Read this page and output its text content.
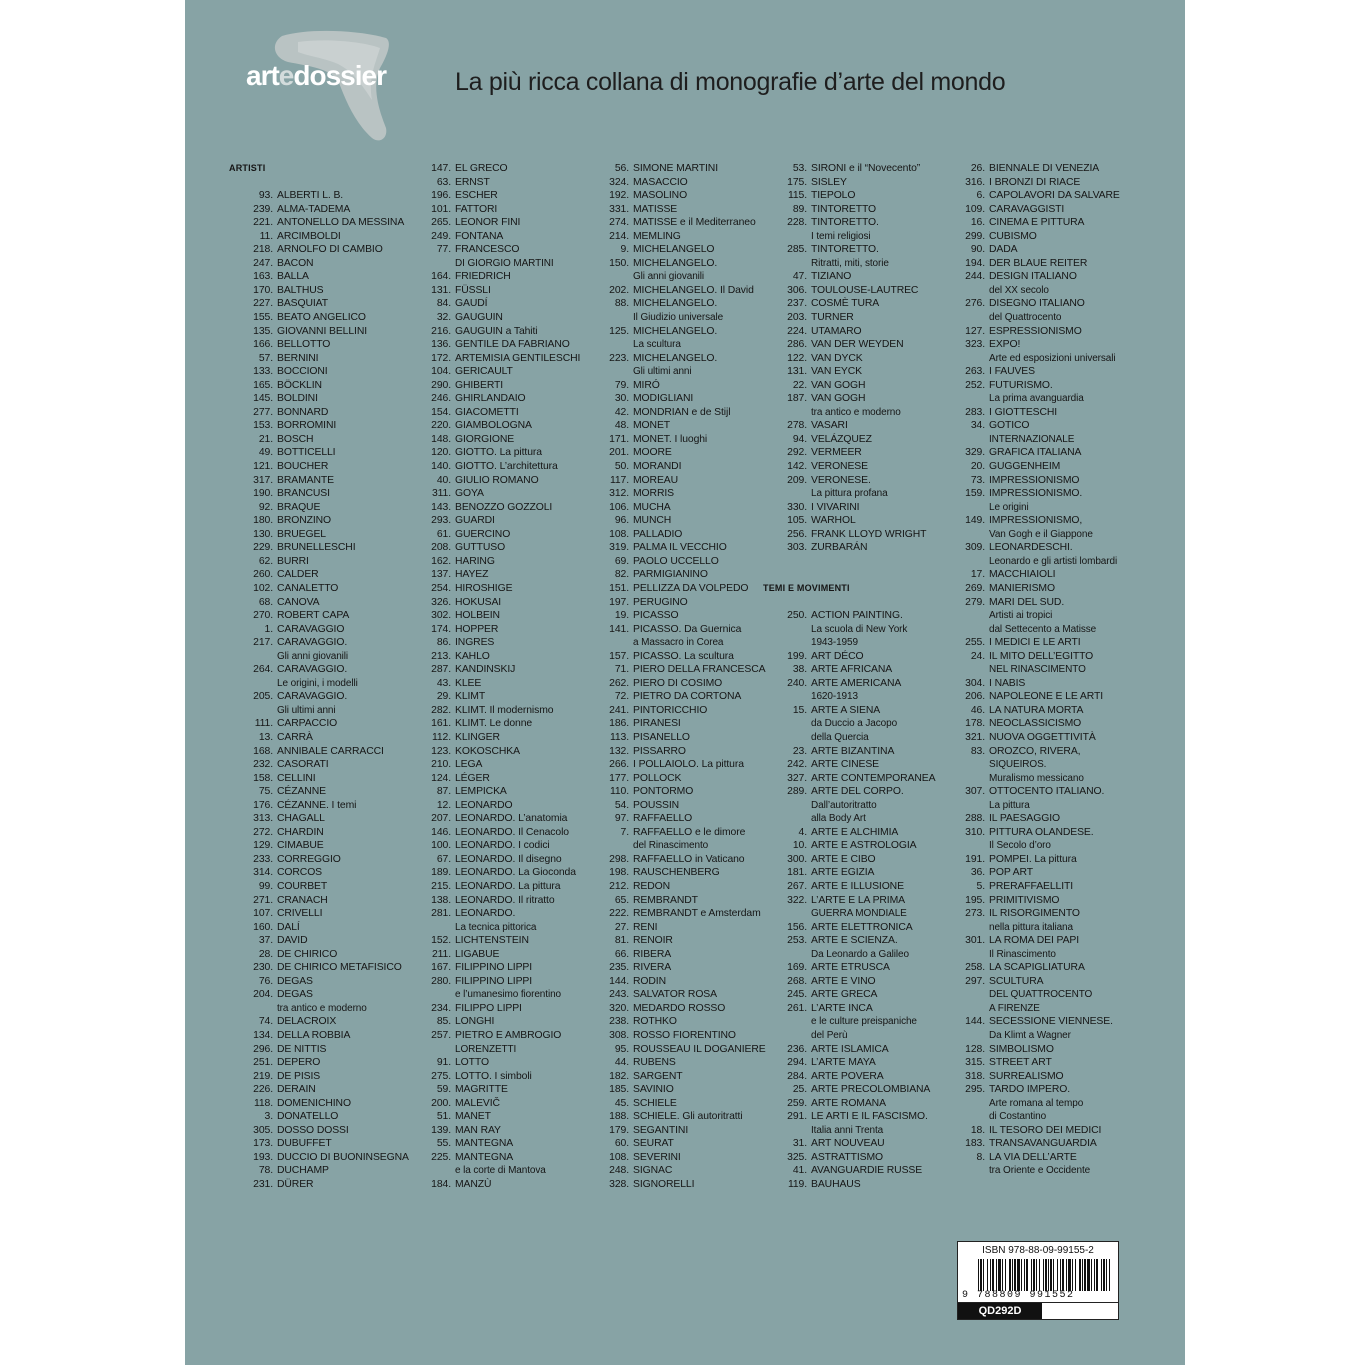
artedossier	La più ricca collana di monografie d’arte del mondo
ARTISTI
93. ALBERTI L. B.
239. ALMA-TADEMA
221. ANTONELLO DA MESSINA
11. ARCIMBOLDI
218. ARNOLFO DI CAMBIO
247. BACON
163. BALLA
170. BALTHUS
227. BASQUIAT
155. BEATO ANGELICO
135. GIOVANNI BELLINI
166. BELLOTTO
57. BERNINI
133. BOCCIONI
165. BÖCKLIN
145. BOLDINI
277. BONNARD
153. BORROMINI
21. BOSCH
49. BOTTICELLI
121. BOUCHER
317. BRAMANTE
190. BRANCUSI
92. BRAQUE
180. BRONZINO
130. BRUEGEL
229. BRUNELLESCHI
62. BURRI
260. CALDER
102. CANALETTO
68. CANOVA
270. ROBERT CAPA
1. CARAVAGGIO
217. CARAVAGGIO.
Gli anni giovanili
264. CARAVAGGIO.
Le origini, i modelli
205. CARAVAGGIO.
Gli ultimi anni
111. CARPACCIO
13. CARRÀ
168. ANNIBALE CARRACCI
232. CASORATI
158. CELLINI
75. CÉZANNE
176. CÉZANNE. I temi
313. CHAGALL
272. CHARDIN
129. CIMABUE
233. CORREGGIO
314. CORCOS
99. COURBET
271. CRANACH
107. CRIVELLI
160. DALÍ
37. DAVID
28. DE CHIRICO
230. DE CHIRICO METAFISICO
76. DEGAS
204. DEGAS
tra antico e moderno
74. DELACROIX
134. DELLA ROBBIA
296. DE NITTIS
251. DEPERO
219. DE PISIS
226. DERAIN
118. DOMENICHINO
3. DONATELLO
305. DOSSO DOSSI
173. DUBUFFET
193. DUCCIO DI BUONINSEGNA
78. DUCHAMP
231. DÜRER
147. EL GRECO
63. ERNST
196. ESCHER
101. FATTORI
265. LEONOR FINI
249. FONTANA
77. FRANCESCO
DI GIORGIO MARTINI
164. FRIEDRICH
131. FÜSSLI
84. GAUDÍ
32. GAUGUIN
216. GAUGUIN a Tahiti
136. GENTILE DA FABRIANO
172. ARTEMISIA GENTILESCHI
104. GERICAULT
290. GHIBERTI
246. GHIRLANDAIO
154. GIACOMETTI
220. GIAMBOLOGNA
148. GIORGIONE
120. GIOTTO. La pittura
140. GIOTTO. L’architettura
40. GIULIO ROMANO
311. GOYA
143. BENOZZO GOZZOLI
293. GUARDI
61. GUERCINO
208. GUTTUSO
162. HARING
137. HAYEZ
254. HIROSHIGE
326. HOKUSAI
302. HOLBEIN
174. HOPPER
86. INGRES
213. KAHLO
287. KANDINSKIJ
43. KLEE
29. KLIMT
282. KLIMT. Il modernismo
161. KLIMT. Le donne
112. KLINGER
123. KOKOSCHKA
210. LEGA
124. LÉGER
87. LEMPICKA
12. LEONARDO
207. LEONARDO. L’anatomia
146. LEONARDO. Il Cenacolo
100. LEONARDO. I codici
67. LEONARDO. Il disegno
189. LEONARDO. La Gioconda
215. LEONARDO. La pittura
138. LEONARDO. Il ritratto
281. LEONARDO.
La tecnica pittorica
152. LICHTENSTEIN
211. LIGABUE
167. FILIPPINO LIPPI
280. FILIPPINO LIPPI
e l’umanesimo fiorentino
234. FILIPPO LIPPI
85. LONGHI
257. PIETRO E AMBROGIO
LORENZETTI
91. LOTTO
275. LOTTO. I simboli
59. MAGRITTE
200. MALEVIČ
51. MANET
139. MAN RAY
55. MANTEGNA
225. MANTEGNA
e la corte di Mantova
184. MANZÙ
56. SIMONE MARTINI
324. MASACCIO
192. MASOLINO
331. MATISSE
274. MATISSE e il Mediterraneo
214. MEMLING
9. MICHELANGELO
150. MICHELANGELO.
Gli anni giovanili
202. MICHELANGELO. Il David
88. MICHELANGELO.
Il Giudizio universale
125. MICHELANGELO.
La scultura
223. MICHELANGELO.
Gli ultimi anni
79. MIRÓ
30. MODIGLIANI
42. MONDRIAN e de Stijl
48. MONET
171. MONET. I luoghi
201. MOORE
50. MORANDI
117. MOREAU
312. MORRIS
106. MUCHA
96. MUNCH
108. PALLADIO
319. PALMA IL VECCHIO
69. PAOLO UCCELLO
82. PARMIGIANINO
151. PELLIZZA DA VOLPEDO
197. PERUGINO
19. PICASSO
141. PICASSO. Da Guernica
a Massacro in Corea
157. PICASSO. La scultura
71. PIERO DELLA FRANCESCA
262. PIERO DI COSIMO
72. PIETRO DA CORTONA
241. PINTORICCHIO
186. PIRANESI
113. PISANELLO
132. PISSARRO
266. I POLLAIOLO. La pittura
177. POLLOCK
110. PONTORMO
54. POUSSIN
97. RAFFAELLO
7. RAFFAELLO e le dimore
del Rinascimento
298. RAFFAELLO in Vaticano
198. RAUSCHENBERG
212. REDON
65. REMBRANDT
222. REMBRANDT e Amsterdam
27. RENI
81. RENOIR
66. RIBERA
235. RIVERA
144. RODIN
243. SALVATOR ROSA
320. MEDARDO ROSSO
238. ROTHKO
308. ROSSO FIORENTINO
95. ROUSSEAU IL DOGANIERE
44. RUBENS
182. SARGENT
185. SAVINIO
45. SCHIELE
188. SCHIELE. Gli autoritratti
179. SEGANTINI
60. SEURAT
108. SEVERINI
248. SIGNAC
328. SIGNORELLI
53. SIRONI e il “Novecento”
175. SISLEY
115. TIEPOLO
89. TINTORETTO
228. TINTORETTO.
I temi religiosi
285. TINTORETTO.
Ritratti, miti, storie
47. TIZIANO
306. TOULOUSE-LAUTREC
237. COSMÈ TURA
203. TURNER
224. UTAMARO
286. VAN DER WEYDEN
122. VAN DYCK
131. VAN EYCK
22. VAN GOGH
187. VAN GOGH
tra antico e moderno
278. VASARI
94. VELÁZQUEZ
292. VERMEER
142. VERONESE
209. VERONESE.
La pittura profana
330. I VIVARINI
105. WARHOL
256. FRANK LLOYD WRIGHT
303. ZURBARÁN
TEMI E MOVIMENTI
250. ACTION PAINTING.
La scuola di New York
1943-1959
199. ART DÉCO
38. ARTE AFRICANA
240. ARTE AMERICANA
1620-1913
15. ARTE A SIENA
da Duccio a Jacopo
della Quercia
23. ARTE BIZANTINA
242. ARTE CINESE
327. ARTE CONTEMPORANEA
289. ARTE DEL CORPO.
Dall’autoritratto
alla Body Art
4. ARTE E ALCHIMIA
10. ARTE E ASTROLOGIA
300. ARTE E CIBO
181. ARTE EGIZIA
267. ARTE E ILLUSIONE
322. L’ARTE E LA PRIMA
GUERRA MONDIALE
156. ARTE ELETTRONICA
253. ARTE E SCIENZA.
Da Leonardo a Galileo
169. ARTE ETRUSCA
268. ARTE E VINO
245. ARTE GRECA
261. L’ARTE INCA
e le culture preispaniche
del Perù
236. ARTE ISLAMICA
294. L’ARTE MAYA
284. ARTE POVERA
25. ARTE PRECOLOMBIANA
259. ARTE ROMANA
291. LE ARTI E IL FASCISMO.
Italia anni Trenta
31. ART NOUVEAU
325. ASTRATTISMO
41. AVANGUARDIE RUSSE
119. BAUHAUS
26. BIENNALE DI VENEZIA
316. I BRONZI DI RIACE
6. CAPOLAVORI DA SALVARE
109. CARAVAGGISTI
16. CINEMA E PITTURA
299. CUBISMO
90. DADA
194. DER BLAUE REITER
244. DESIGN ITALIANO
del XX secolo
276. DISEGNO ITALIANO
del Quattrocento
127. ESPRESSIONISMO
323. EXPO!
Arte ed esposizioni universali
263. I FAUVES
252. FUTURISMO.
La prima avanguardia
283. I GIOTTESCHI
34. GOTICO
INTERNAZIONALE
329. GRAFICA ITALIANA
20. GUGGENHEIM
73. IMPRESSIONISMO
159. IMPRESSIONISMO.
Le origini
149. IMPRESSIONISMO,
Van Gogh e il Giappone
309. LEONARDESCHI.
Leonardo e gli artisti lombardi
17. MACCHIAIOLI
269. MANIERISMO
279. MARI DEL SUD.
Artisti ai tropici
dal Settecento a Matisse
255. I MEDICI E LE ARTI
24. IL MITO DELL’EGITTO
NEL RINASCIMENTO
304. I NABIS
206. NAPOLEONE E LE ARTI
46. LA NATURA MORTA
178. NEOCLASSICISMO
321. NUOVA OGGETTIVITÀ
83. OROZCO, RIVERA,
SIQUEIROS.
Muralismo messicano
307. OTTOCENTO ITALIANO.
La pittura
288. IL PAESAGGIO
310. PITTURA OLANDESE.
Il Secolo d’oro
191. POMPEI. La pittura
36. POP ART
5. PRERAFFAELLITI
195. PRIMITIVISMO
273. IL RISORGIMENTO
nella pittura italiana
301. LA ROMA DEI PAPI
Il Rinascimento
258. LA SCAPIGLIATURA
297. SCULTURA
DEL QUATTROCENTO
A FIRENZE
144. SECESSIONE VIENNESE.
Da Klimt a Wagner
128. SIMBOLISMO
315. STREET ART
318. SURREALISMO
295. TARDO IMPERO.
Arte romana al tempo
di Costantino
18. IL TESORO DEI MEDICI
183. TRANSAVANGUARDIA
8. LA VIA DELL’ARTE
tra Oriente e Occidente
ISBN 978-88-09-99155-2
9 788809 991552
QD292D
